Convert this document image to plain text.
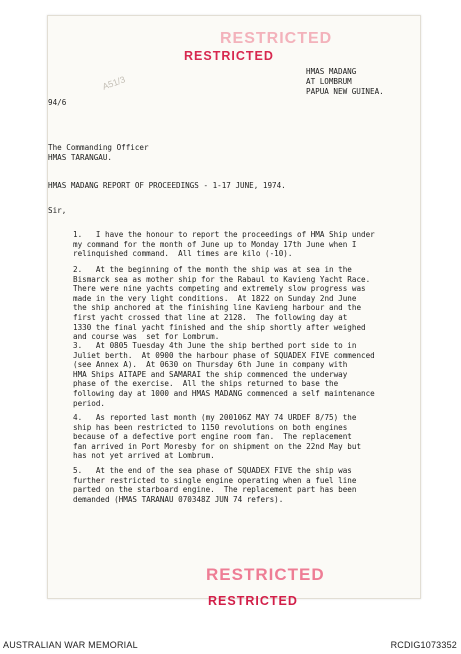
RESTRICTED
RESTRICTED
A51/3
HMAS MADANG
AT LOMBRUM
PAPUA NEW GUINEA.
94/6
The Commanding Officer
HMAS TARANGAU.
HMAS MADANG REPORT OF PROCEEDINGS - 1-17 JUNE, 1974.
Sir,
1.   I have the honour to report the proceedings of HMA Ship under
my command for the month of June up to Monday 17th June when I
relinquished command.  All times are kilo (-10).
2.   At the beginning of the month the ship was at sea in the
Bismarck sea as mother ship for the Rabaul to Kavieng Yacht Race.
There were nine yachts competing and extremely slow progress was
made in the very light conditions.  At 1822 on Sunday 2nd June
the ship anchored at the finishing line Kavieng harbour and the
first yacht crossed that line at 2128.  The following day at
1330 the final yacht finished and the ship shortly after weighed
and course was  set for Lombrum.
3.   At 0805 Tuesday 4th June the ship berthed port side to in
Juliet berth.  At 0900 the harbour phase of SQUADEX FIVE commenced
(see Annex A).  At 0630 on Thursday 6th June in company with
HMA Ships AITAPE and SAMARAI the ship commenced the underway
phase of the exercise.  All the ships returned to base the
following day at 1000 and HMAS MADANG commenced a self maintenance
period.
4.   As reported last month (my 200106Z MAY 74 URDEF 8/75) the
ship has been restricted to 1150 revolutions on both engines
because of a defective port engine room fan.  The replacement
fan arrived in Port Moresby for on shipment on the 22nd May but
has not yet arrived at Lombrum.
5.   At the end of the sea phase of SQUADEX FIVE the ship was
further restricted to single engine operating when a fuel line
parted on the starboard engine.  The replacement part has been
demanded (HMAS TARANAU 070348Z JUN 74 refers).
RESTRICTED
RESTRICTED
AUSTRALIAN WAR MEMORIAL	RCDIG1073352
